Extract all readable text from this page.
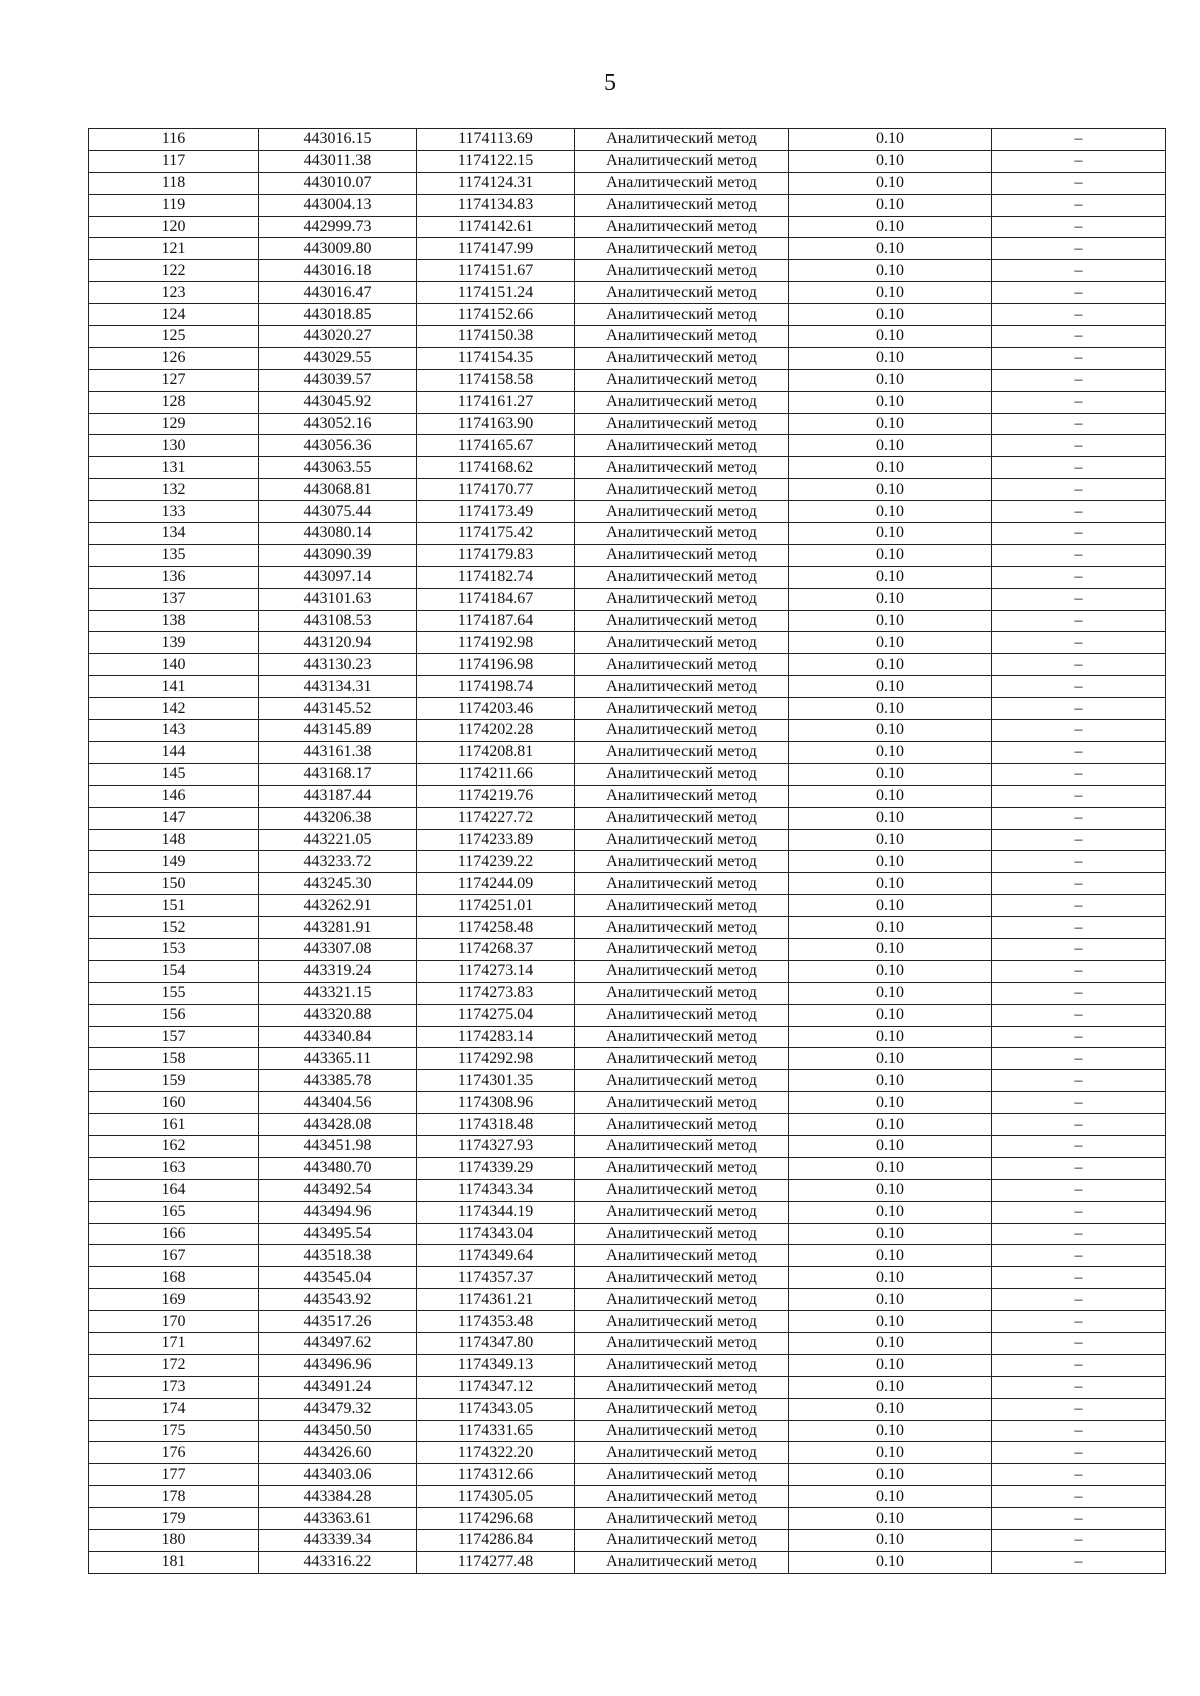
5
116	443016.15	1174113.69	Аналитический метод	0.10	–
117	443011.38	1174122.15	Аналитический метод	0.10	–
118	443010.07	1174124.31	Аналитический метод	0.10	–
119	443004.13	1174134.83	Аналитический метод	0.10	–
120	442999.73	1174142.61	Аналитический метод	0.10	–
121	443009.80	1174147.99	Аналитический метод	0.10	–
122	443016.18	1174151.67	Аналитический метод	0.10	–
123	443016.47	1174151.24	Аналитический метод	0.10	–
124	443018.85	1174152.66	Аналитический метод	0.10	–
125	443020.27	1174150.38	Аналитический метод	0.10	–
126	443029.55	1174154.35	Аналитический метод	0.10	–
127	443039.57	1174158.58	Аналитический метод	0.10	–
128	443045.92	1174161.27	Аналитический метод	0.10	–
129	443052.16	1174163.90	Аналитический метод	0.10	–
130	443056.36	1174165.67	Аналитический метод	0.10	–
131	443063.55	1174168.62	Аналитический метод	0.10	–
132	443068.81	1174170.77	Аналитический метод	0.10	–
133	443075.44	1174173.49	Аналитический метод	0.10	–
134	443080.14	1174175.42	Аналитический метод	0.10	–
135	443090.39	1174179.83	Аналитический метод	0.10	–
136	443097.14	1174182.74	Аналитический метод	0.10	–
137	443101.63	1174184.67	Аналитический метод	0.10	–
138	443108.53	1174187.64	Аналитический метод	0.10	–
139	443120.94	1174192.98	Аналитический метод	0.10	–
140	443130.23	1174196.98	Аналитический метод	0.10	–
141	443134.31	1174198.74	Аналитический метод	0.10	–
142	443145.52	1174203.46	Аналитический метод	0.10	–
143	443145.89	1174202.28	Аналитический метод	0.10	–
144	443161.38	1174208.81	Аналитический метод	0.10	–
145	443168.17	1174211.66	Аналитический метод	0.10	–
146	443187.44	1174219.76	Аналитический метод	0.10	–
147	443206.38	1174227.72	Аналитический метод	0.10	–
148	443221.05	1174233.89	Аналитический метод	0.10	–
149	443233.72	1174239.22	Аналитический метод	0.10	–
150	443245.30	1174244.09	Аналитический метод	0.10	–
151	443262.91	1174251.01	Аналитический метод	0.10	–
152	443281.91	1174258.48	Аналитический метод	0.10	–
153	443307.08	1174268.37	Аналитический метод	0.10	–
154	443319.24	1174273.14	Аналитический метод	0.10	–
155	443321.15	1174273.83	Аналитический метод	0.10	–
156	443320.88	1174275.04	Аналитический метод	0.10	–
157	443340.84	1174283.14	Аналитический метод	0.10	–
158	443365.11	1174292.98	Аналитический метод	0.10	–
159	443385.78	1174301.35	Аналитический метод	0.10	–
160	443404.56	1174308.96	Аналитический метод	0.10	–
161	443428.08	1174318.48	Аналитический метод	0.10	–
162	443451.98	1174327.93	Аналитический метод	0.10	–
163	443480.70	1174339.29	Аналитический метод	0.10	–
164	443492.54	1174343.34	Аналитический метод	0.10	–
165	443494.96	1174344.19	Аналитический метод	0.10	–
166	443495.54	1174343.04	Аналитический метод	0.10	–
167	443518.38	1174349.64	Аналитический метод	0.10	–
168	443545.04	1174357.37	Аналитический метод	0.10	–
169	443543.92	1174361.21	Аналитический метод	0.10	–
170	443517.26	1174353.48	Аналитический метод	0.10	–
171	443497.62	1174347.80	Аналитический метод	0.10	–
172	443496.96	1174349.13	Аналитический метод	0.10	–
173	443491.24	1174347.12	Аналитический метод	0.10	–
174	443479.32	1174343.05	Аналитический метод	0.10	–
175	443450.50	1174331.65	Аналитический метод	0.10	–
176	443426.60	1174322.20	Аналитический метод	0.10	–
177	443403.06	1174312.66	Аналитический метод	0.10	–
178	443384.28	1174305.05	Аналитический метод	0.10	–
179	443363.61	1174296.68	Аналитический метод	0.10	–
180	443339.34	1174286.84	Аналитический метод	0.10	–
181	443316.22	1174277.48	Аналитический метод	0.10	–
